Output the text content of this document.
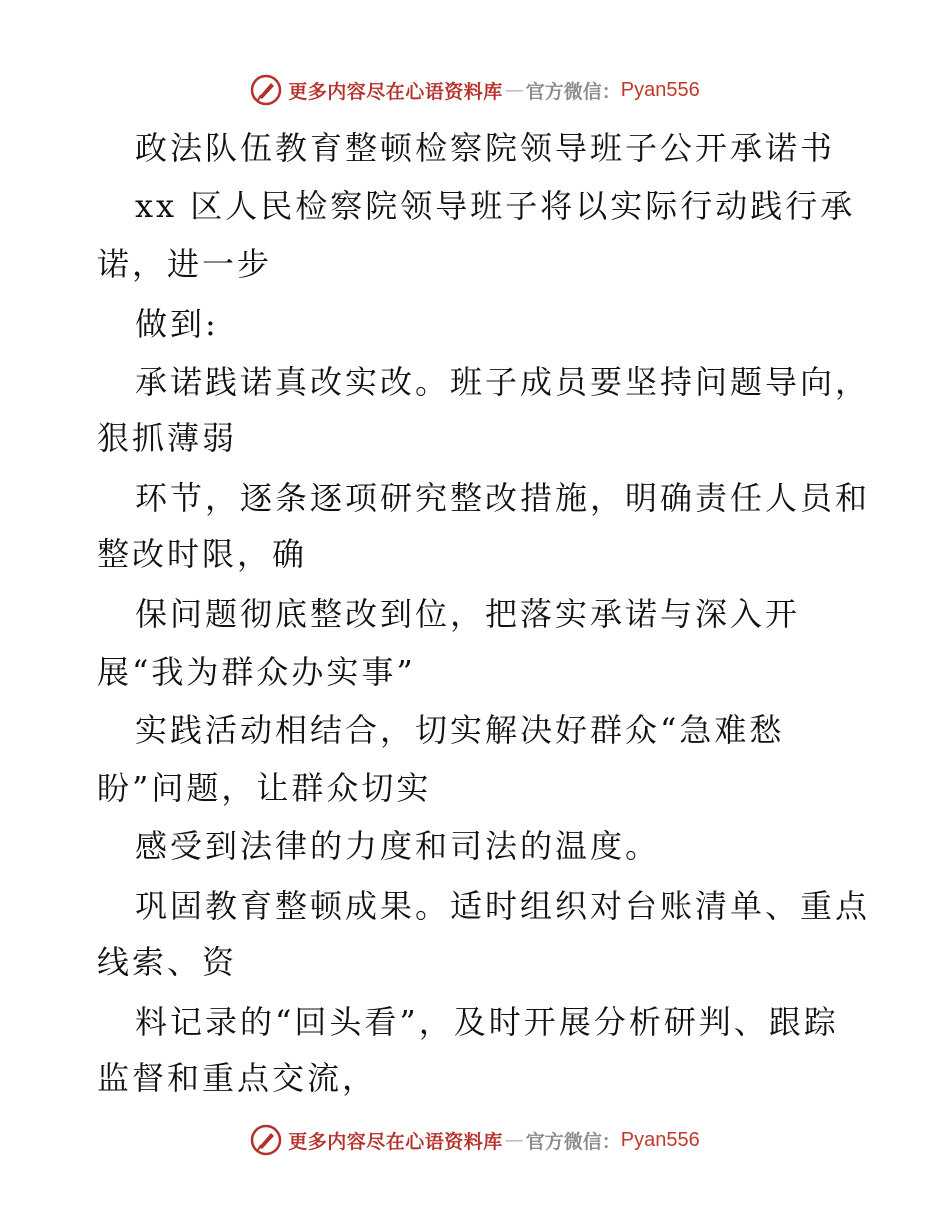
更多内容尽在心语资料库 — 官方微信： Pyan556
政法队伍教育整顿检察院领导班子公开承诺书
xx 区人民检察院领导班子将以实际行动践行承
诺，进一步
做到:
承诺践诺真改实改。班子成员要坚持问题导向，
狠抓薄弱
环节，逐条逐项研究整改措施，明确责任人员和
整改时限，确
保问题彻底整改到位，把落实承诺与深入开
展“我为群众办实事”
实践活动相结合，切实解决好群众“急难愁
盼”问题，让群众切实
感受到法律的力度和司法的温度。
巩固教育整顿成果。适时组织对台账清单、重点
线索、资
料记录的“回头看”，及时开展分析研判、跟踪
监督和重点交流，
更多内容尽在心语资料库 — 官方微信： Pyan556
